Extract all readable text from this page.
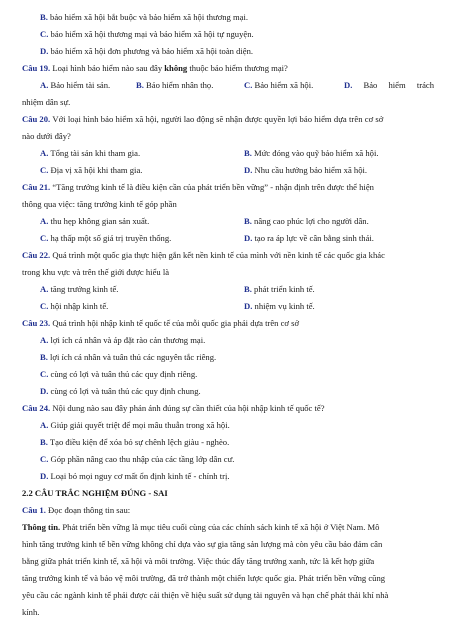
B. bảo hiểm xã hội bắt buộc và bảo hiểm xã hội thương mại.
C. bảo hiểm xã hội thương mại và bảo hiểm xã hội tự nguyện.
D. bảo hiểm xã hội đơn phương và bảo hiểm xã hội toàn diện.
Câu 19. Loại hình bảo hiểm nào sau đây không thuộc bảo hiểm thương mại?
A. Bảo hiểm tài sản.	B. Bảo hiểm nhân thọ.	C. Bảo hiểm xã hội.	D. Bảo hiểm trách
nhiệm dân sự.
Câu 20. Với loại hình bảo hiểm xã hội, người lao động sẽ nhận được quyền lợi bảo hiểm dựa trên cơ sở
nào dưới đây?
A. Tổng tài sản khi tham gia.	B. Mức đóng vào quỹ bảo hiểm xã hội.
C. Địa vị xã hội khi tham gia.	D. Nhu cầu hưởng bảo hiểm xã hội.
Câu 21. “Tăng trưởng kinh tế là điều kiện cần của phát triển bền vững” - nhận định trên được thể hiện
thông qua việc: tăng trưởng kinh tế góp phần
A. thu hẹp không gian sản xuất.	B. nâng cao phúc lợi cho người dân.
C. hạ thấp một số giá trị truyền thống.	D. tạo ra áp lực về cân bằng sinh thái.
Câu 22. Quá trình một quốc gia thực hiện gắn kết nền kinh tế của mình với nền kinh tế các quốc gia khác
trong khu vực và trên thế giới được hiểu là
A. tăng trưởng kinh tế.	B. phát triển kinh tế.
C. hội nhập kinh tế.	D. nhiệm vụ kinh tế.
Câu 23. Quá trình hội nhập kinh tế quốc tế của mỗi quốc gia phải dựa trên cơ sở
A. lợi ích cá nhân và áp đặt rào cản thương mại.
B. lợi ích cá nhân và tuân thủ các nguyên tắc riêng.
C. cùng có lợi và tuân thủ các quy định riêng.
D. cùng có lợi và tuân thủ các quy định chung.
Câu 24. Nội dung nào sau đây phản ánh đúng sự cần thiết của hội nhập kinh tế quốc tế?
A. Giúp giải quyết triệt để mọi mâu thuẫn trong xã hội.
B. Tạo điều kiện để xóa bỏ sự chênh lệch giàu - nghèo.
C. Góp phần nâng cao thu nhập của các tầng lớp dân cư.
D. Loại bỏ mọi nguy cơ mất ổn định kinh tế - chính trị.
2.2 CÂU TRẮC NGHIỆM ĐÚNG - SAI
Câu 1. Đọc đoạn thông tin sau:
Thông tin. Phát triển bền vững là mục tiêu cuối cùng của các chính sách kinh tế xã hội ở Việt Nam. Mô
hình tăng trưởng kinh tế bền vững không chỉ dựa vào sự gia tăng sản lượng mà còn yêu cầu bảo đảm cân
bằng giữa phát triển kinh tế, xã hội và môi trường. Việc thúc đẩy tăng trưởng xanh, tức là kết hợp giữa
tăng trưởng kinh tế và bảo vệ môi trường, đã trở thành một chiến lược quốc gia. Phát triển bền vững cũng
yêu cầu các ngành kinh tế phải được cải thiện về hiệu suất sử dụng tài nguyên và hạn chế phát thải khí nhà
kính.
